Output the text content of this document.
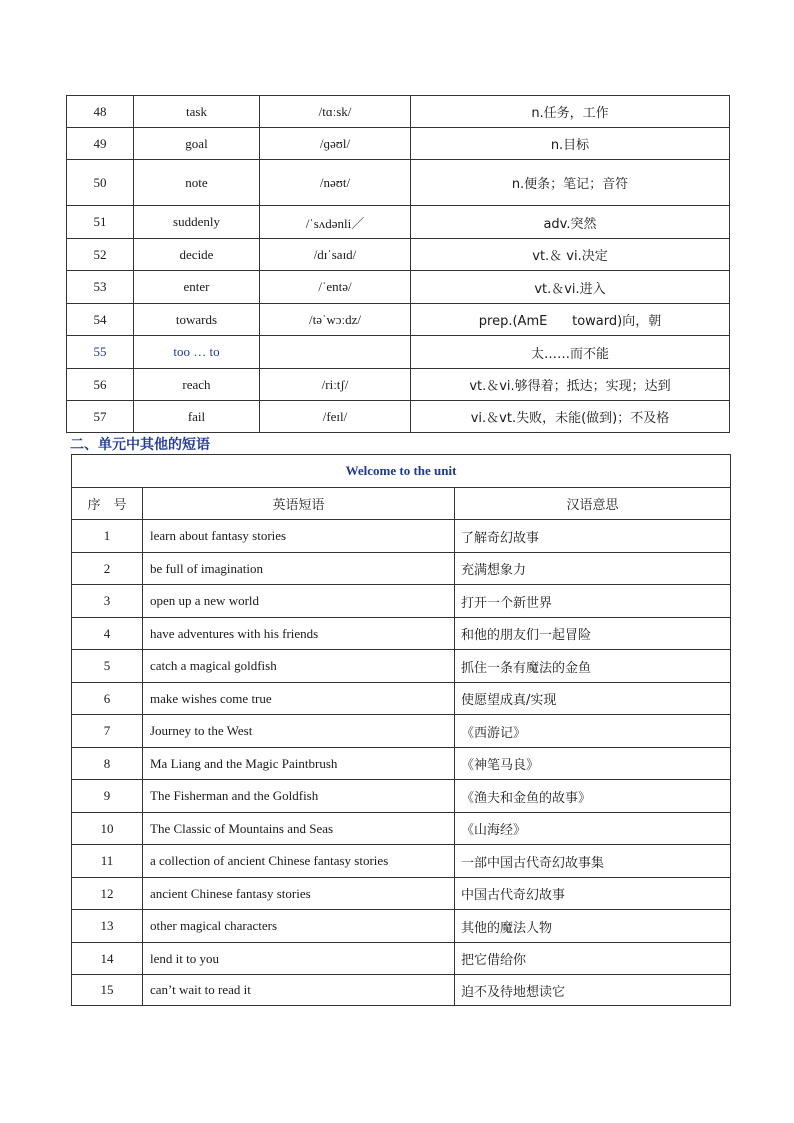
48	task	/tɑːsk/	n.任务，工作
49	goal	/ɡəʊl/	n.目标
50	note	/nəʊt/	n.便条；笔记；音符
51	suddenly	/ˈsʌdənli／	adv.突然
52	decide	/dɪˈsaɪd/	vt.＆ vi.决定
53	enter	/ˈentə/	vt.＆vi.进入
54	towards	/təˈwɔːdz/	prep.(AmE      toward)向，朝
55	too … to		太……而不能
56	reach	/riːtʃ/	vt.＆vi.够得着；抵达；实现；达到
57	fail	/feɪl/	vi.＆vt.失败，未能(做到)；不及格
二、单元中其他的短语
Welcome to the unit		
序　号	英语短语	汉语意思
1	learn about fantasy stories	了解奇幻故事
2	be full of imagination	充满想象力
3	open up a new world	打开一个新世界
4	have adventures with his friends	和他的朋友们一起冒险
5	catch a magical goldfish	抓住一条有魔法的金鱼
6	make wishes come true	使愿望成真/实现
7	Journey to the West	《西游记》
8	Ma Liang and the Magic Paintbrush	《神笔马良》
9	The Fisherman and the Goldfish	《渔夫和金鱼的故事》
10	The Classic of Mountains and Seas	《山海经》
11	a collection of ancient Chinese fantasy stories	一部中国古代奇幻故事集
12	ancient Chinese fantasy stories	中国古代奇幻故事
13	other magical characters	其他的魔法人物
14	lend it to you	把它借给你
15	can’t wait to read it	迫不及待地想读它
